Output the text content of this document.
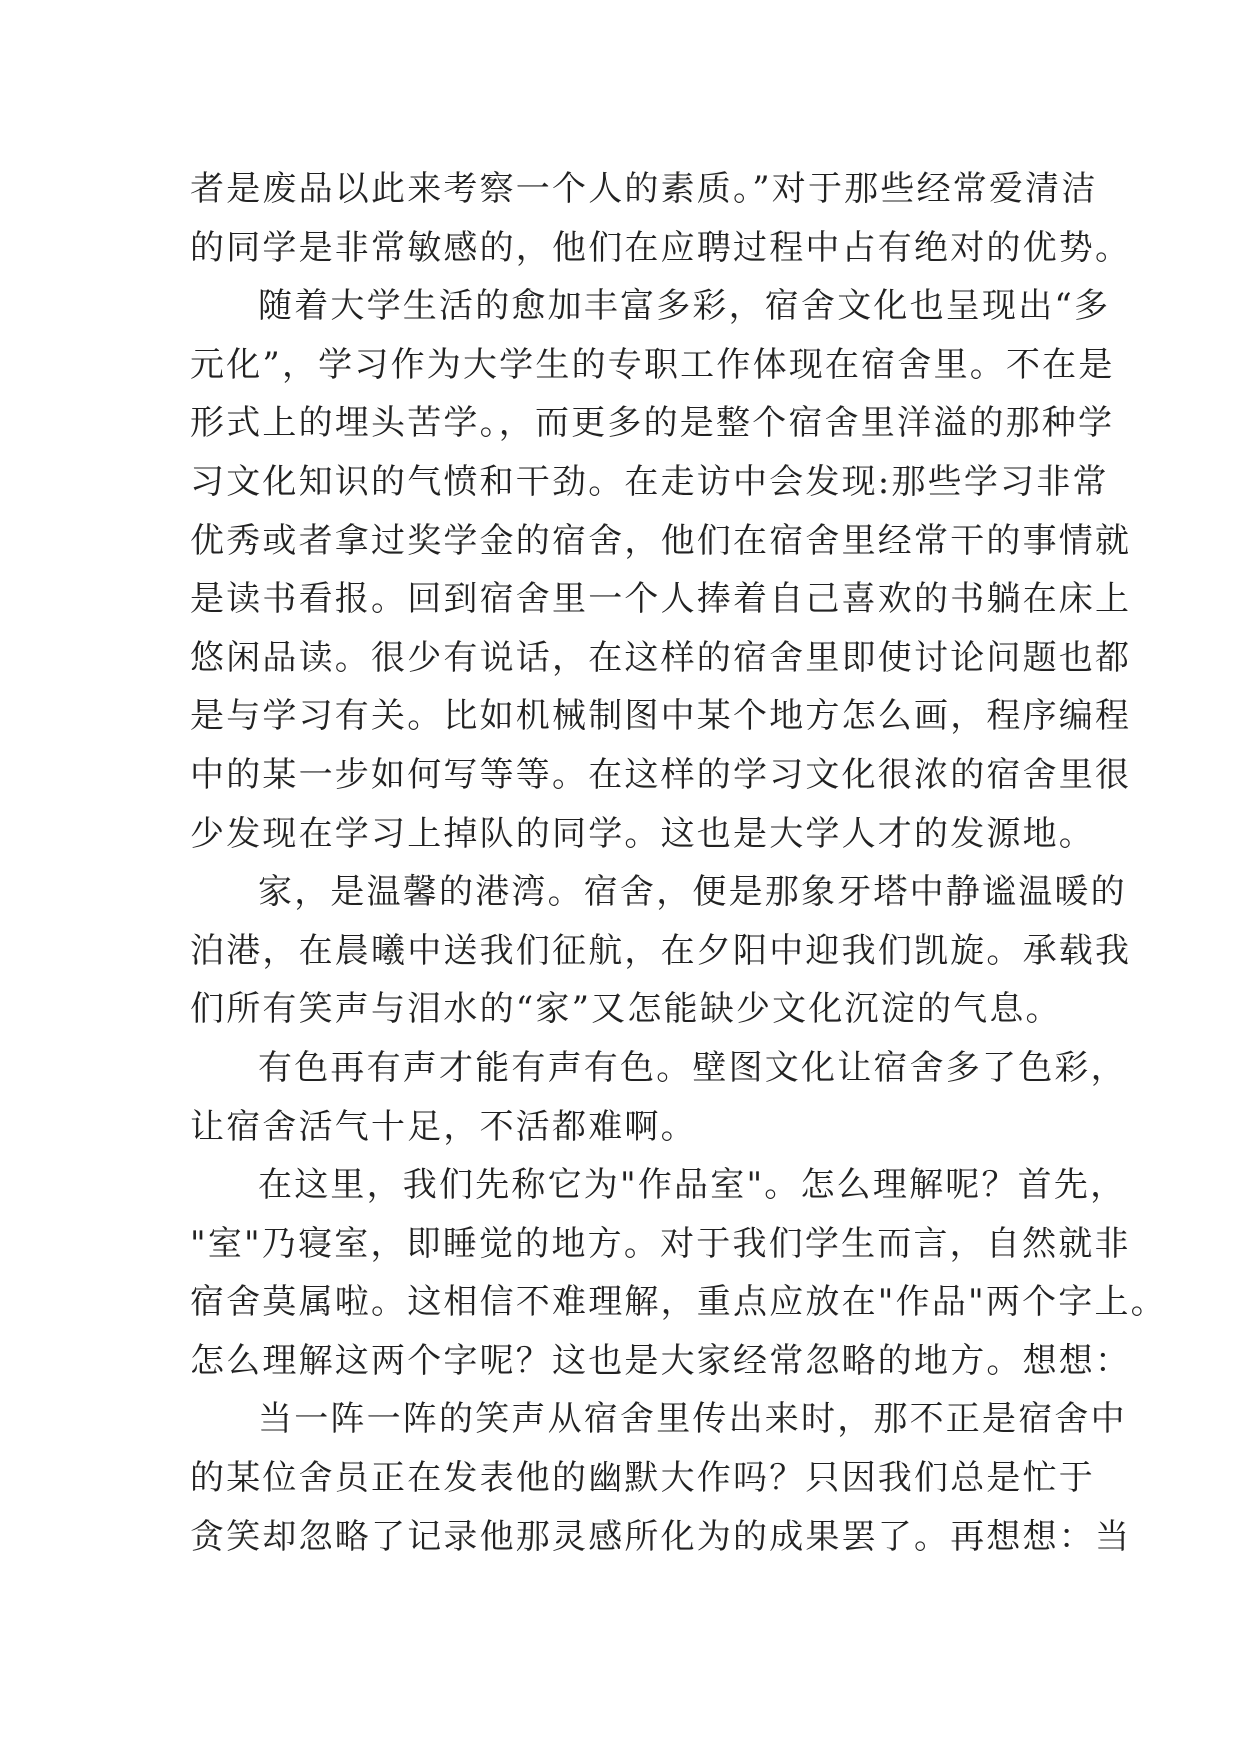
者是废品以此来考察一个人的素质。”对于那些经常爱清洁
的同学是非常敏感的，他们在应聘过程中占有绝对的优势。
随着大学生活的愈加丰富多彩，宿舍文化也呈现出“多
元化”，学习作为大学生的专职工作体现在宿舍里。不在是
形式上的埋头苦学。，而更多的是整个宿舍里洋溢的那种学
习文化知识的气愤和干劲。在走访中会发现:那些学习非常
优秀或者拿过奖学金的宿舍，他们在宿舍里经常干的事情就
是读书看报。回到宿舍里一个人捧着自己喜欢的书躺在床上
悠闲品读。很少有说话，在这样的宿舍里即使讨论问题也都
是与学习有关。比如机械制图中某个地方怎么画，程序编程
中的某一步如何写等等。在这样的学习文化很浓的宿舍里很
少发现在学习上掉队的同学。这也是大学人才的发源地。
家，是温馨的港湾。宿舍，便是那象牙塔中静谧温暖的
泊港，在晨曦中送我们征航，在夕阳中迎我们凯旋。承载我
们所有笑声与泪水的“家”又怎能缺少文化沉淀的气息。
有色再有声才能有声有色。壁图文化让宿舍多了色彩，
让宿舍活气十足，不活都难啊。
在这里，我们先称它为"作品室"。怎么理解呢？首先，
"室"乃寝室，即睡觉的地方。对于我们学生而言，自然就非
宿舍莫属啦。这相信不难理解，重点应放在"作品"两个字上。
怎么理解这两个字呢？这也是大家经常忽略的地方。想想：
当一阵一阵的笑声从宿舍里传出来时，那不正是宿舍中
的某位舍员正在发表他的幽默大作吗？只因我们总是忙于
贪笑却忽略了记录他那灵感所化为的成果罢了。再想想：当
